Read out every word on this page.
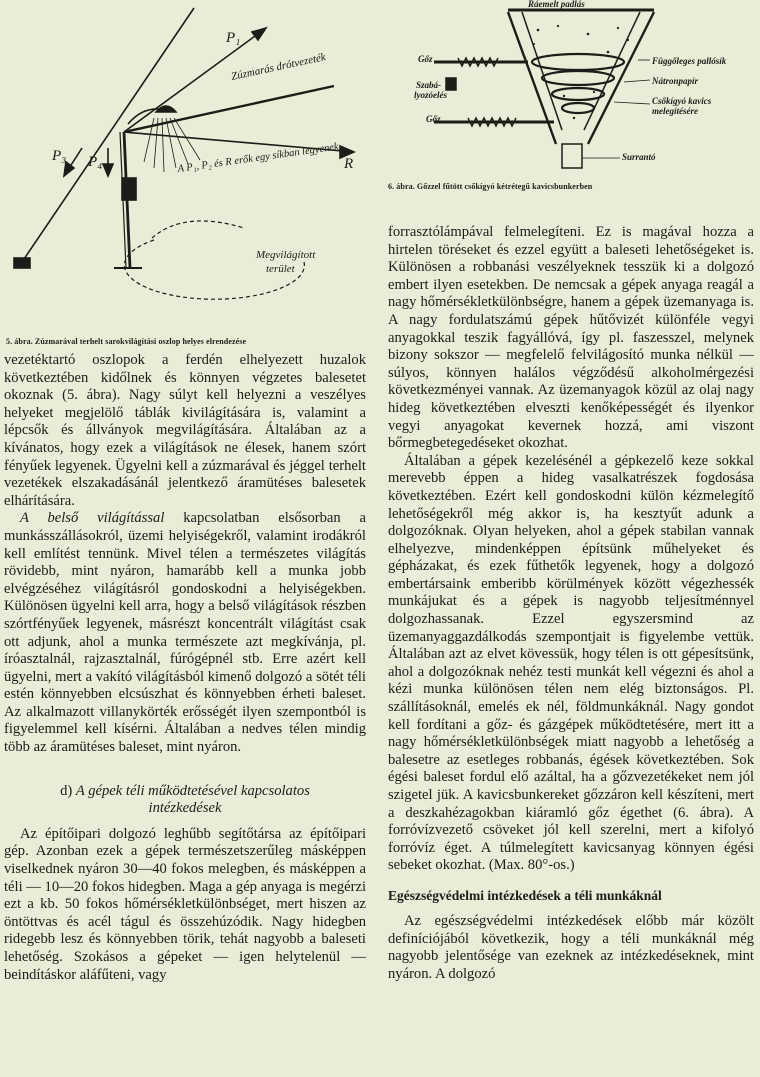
P₁
Zúzmarás drótvezeték
R
P₃ P₄	A P₁, P₂ és R erők egy síkban legyenek
Megvilágított
terület
5. ábra. Zúzmarával terhelt sarokvilágítási oszlop helyes elrendezése

vezetéktartó oszlopok a ferdén elhelyezett huzalok következtében kidőlnek és könnyen végzetes balesetet okoznak (5. ábra). Nagy súlyt kell helyezni a veszélyes helyeket megjelölő táblák kivilágítására is, valamint a lépcsők és állványok megvilágítására. Általában az a kívánatos, hogy ezek a világítások ne élesek, hanem szórt fényűek legyenek. Ügyelni kell a zúzmarával és jéggel terhelt vezetékek elszakadásánál jelentkező áramütéses balesetek elhárítására.

A belső világítással kapcsolatban elsősorban a munkásszállásokról, üzemi helyiségekről, valamint irodákról kell említést tennünk. Mivel télen a természetes világítás rövidebb, mint nyáron, hamarább kell a munka jobb elvégzéséhez világításról gondoskodni a helyiségekben. Különösen ügyelni kell arra, hogy a belső világítások részben szórtfényűek legyenek, másrészt koncentrált világítást csak ott adjunk, ahol a munka természete azt megkívánja, pl. íróasztalnál, rajzasztalnál, fúrógépnél stb. Erre azért kell ügyelni, mert a vakító világításból kimenő dolgozó a sötét téli estén könnyebben elcsúszhat és könnyebben érheti baleset. Az alkalmazott villanykörték erősségét ilyen szempontból is figyelemmel kell kísérni. Általában a nedves télen mindig több az áramütéses baleset, mint nyáron.

d) A gépek téli működtetésével kapcsolatos

intézkedések

Az építőipari dolgozó leghűbb segítőtársa az építőipari gép. Azonban ezek a gépek természetszerűleg másképpen viselkednek nyáron 30—40 fokos melegben, és másképpen a téli — 10—20 fokos hidegben. Maga a gép anyaga is megérzi ezt a kb. 50 fokos hőmérsékletkülönbséget, mert hiszen az öntöttvas és acél tágul és összehúzódik. Nagy hidegben ridegebb lesz és könnyebben törik, tehát nagyobb a baleseti lehetőség. Szokásos a gépeket — igen helytelenül — beindításkor aláfűteni, vagy

Ráemelt padlás
Gőz
Gőz
Szabá-
lyozóelés
Függőleges pallósík
Nátronpapír
Csőkígyó kavics
melegítésére
Surrantó
6. ábra. Gőzzel fűtött csőkígyó kétrétegű kavicsbunkerben

forrasztólámpával felmelegíteni. Ez is magával hozza a hirtelen töréseket és ezzel együtt a baleseti lehetőségeket is. Különösen a robbanási veszélyeknek tesszük ki a dolgozó embert ilyen esetekben. De nemcsak a gépek anyaga reagál a nagy hőmérsékletkülönbségre, hanem a gépek üzemanyaga is. A nagy fordulatszámú gépek hűtővizét különféle vegyi anyagokkal teszik fagyállóvá, így pl. faszesszel, melynek bizony sokszor — megfelelő felvilágosító munka nélkül — súlyos, könnyen halálos végződésű alkoholmérgezési következményei vannak. Az üzemanyagok közül az olaj nagy hideg következtében elveszti kenőképességét és ilyenkor vegyi anyagokat kevernek hozzá, ami viszont bőrmegbetegedéseket okozhat.

Általában a gépek kezelésénél a gépkezelő keze sokkal merevebb éppen a hideg vasalkatrészek fogdosása következtében. Ezért kell gondoskodni külön kézmelegítő lehetőségekről még akkor is, ha kesztyűt adunk a dolgozóknak. Olyan helyeken, ahol a gépek stabilan vannak elhelyezve, mindenképpen építsünk műhelyeket és gépházakat, és ezek fűthetők legyenek, hogy a dolgozó embertársaink emberibb körülmények között végezhessék munkájukat és a gépek is nagyobb teljesítménnyel dolgozhassanak. Ezzel egyszersmind az üzemanyaggazdálkodás szempontjait is figyelembe vettük. Általában azt az elvet kövessük, hogy télen is ott gépesítsünk, ahol a dolgozóknak nehéz testi munkát kell végezni és ahol a kézi munka különösen télen nem elég biztonságos. Pl. szállításoknál, emelés ek nél, földmunkáknál. Nagy gondot kell fordítani a gőz- és gázgépek működtetésére, mert itt a nagy hőmérsékletkülönbségek miatt nagyobb a lehetőség a balesetre az esetleges robbanás, égések következtében. Sok égési baleset fordul elő azáltal, ha a gőzvezetékeket nem jól szigetel jük. A kavicsbunkereket gőzzáron kell készíteni, mert a deszkahézagokban kiáramló gőz égethet (6. ábra). A forróvízvezető csöveket jól kell szerelni, mert a kifolyó forróvíz éget. A túlmelegített kavicsanyag könnyen égési sebeket okozhat. (Max. 80°-os.)

Egészségvédelmi intézkedések a téli munkáknál

Az egészségvédelmi intézkedések előbb már közölt definíciójából következik, hogy a téli munkáknál még nagyobb jelentősége van ezeknek az intézkedéseknek, mint nyáron. A dolgozó
